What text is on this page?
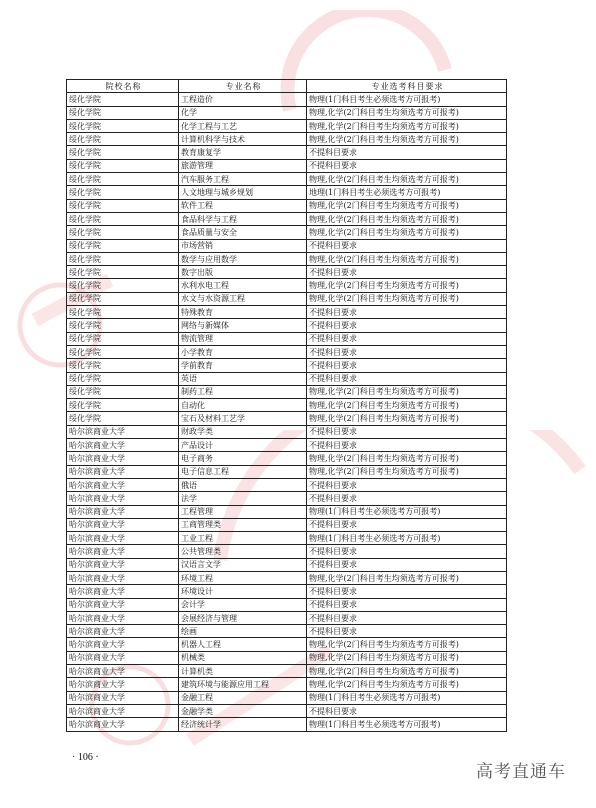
院校名称	专业名称	专业选考科目要求
绥化学院	工程造价	物理(1门科目考生必须选考方可报考)
绥化学院	化学	物理,化学(2门科目考生均须选考方可报考)
绥化学院	化学工程与工艺	物理,化学(2门科目考生均须选考方可报考)
绥化学院	计算机科学与技术	物理,化学(2门科目考生均须选考方可报考)
绥化学院	教育康复学	不提科目要求
绥化学院	旅游管理	不提科目要求
绥化学院	汽车服务工程	物理,化学(2门科目考生均须选考方可报考)
绥化学院	人文地理与城乡规划	地理(1门科目考生必须选考方可报考)
绥化学院	软件工程	物理,化学(2门科目考生均须选考方可报考)
绥化学院	食品科学与工程	物理,化学(2门科目考生均须选考方可报考)
绥化学院	食品质量与安全	物理,化学(2门科目考生均须选考方可报考)
绥化学院	市场营销	不提科目要求
绥化学院	数学与应用数学	物理,化学(2门科目考生均须选考方可报考)
绥化学院	数字出版	不提科目要求
绥化学院	水利水电工程	物理,化学(2门科目考生均须选考方可报考)
绥化学院	水文与水资源工程	物理,化学(2门科目考生均须选考方可报考)
绥化学院	特殊教育	不提科目要求
绥化学院	网络与新媒体	不提科目要求
绥化学院	物流管理	不提科目要求
绥化学院	小学教育	不提科目要求
绥化学院	学前教育	不提科目要求
绥化学院	英语	不提科目要求
绥化学院	制药工程	物理,化学(2门科目考生均须选考方可报考)
绥化学院	自动化	物理,化学(2门科目考生均须选考方可报考)
绥化学院	宝石及材料工艺学	物理,化学(2门科目考生均须选考方可报考)
哈尔滨商业大学	财政学类	不提科目要求
哈尔滨商业大学	产品设计	不提科目要求
哈尔滨商业大学	电子商务	物理,化学(2门科目考生均须选考方可报考)
哈尔滨商业大学	电子信息工程	物理,化学(2门科目考生均须选考方可报考)
哈尔滨商业大学	俄语	不提科目要求
哈尔滨商业大学	法学	不提科目要求
哈尔滨商业大学	工程管理	物理(1门科目考生必须选考方可报考)
哈尔滨商业大学	工商管理类	不提科目要求
哈尔滨商业大学	工业工程	物理(1门科目考生必须选考方可报考)
哈尔滨商业大学	公共管理类	不提科目要求
哈尔滨商业大学	汉语言文学	不提科目要求
哈尔滨商业大学	环境工程	物理,化学(2门科目考生均须选考方可报考)
哈尔滨商业大学	环境设计	不提科目要求
哈尔滨商业大学	会计学	不提科目要求
哈尔滨商业大学	会展经济与管理	不提科目要求
哈尔滨商业大学	绘画	不提科目要求
哈尔滨商业大学	机器人工程	物理,化学(2门科目考生均须选考方可报考)
哈尔滨商业大学	机械类	物理,化学(2门科目考生均须选考方可报考)
哈尔滨商业大学	计算机类	物理,化学(2门科目考生均须选考方可报考)
哈尔滨商业大学	建筑环境与能源应用工程	物理,化学(2门科目考生均须选考方可报考)
哈尔滨商业大学	金融工程	物理(1门科目考生必须选考方可报考)
哈尔滨商业大学	金融学类	不提科目要求
哈尔滨商业大学	经济统计学	物理(1门科目考生必须选考方可报考)
· 106 ·
高考直通车
